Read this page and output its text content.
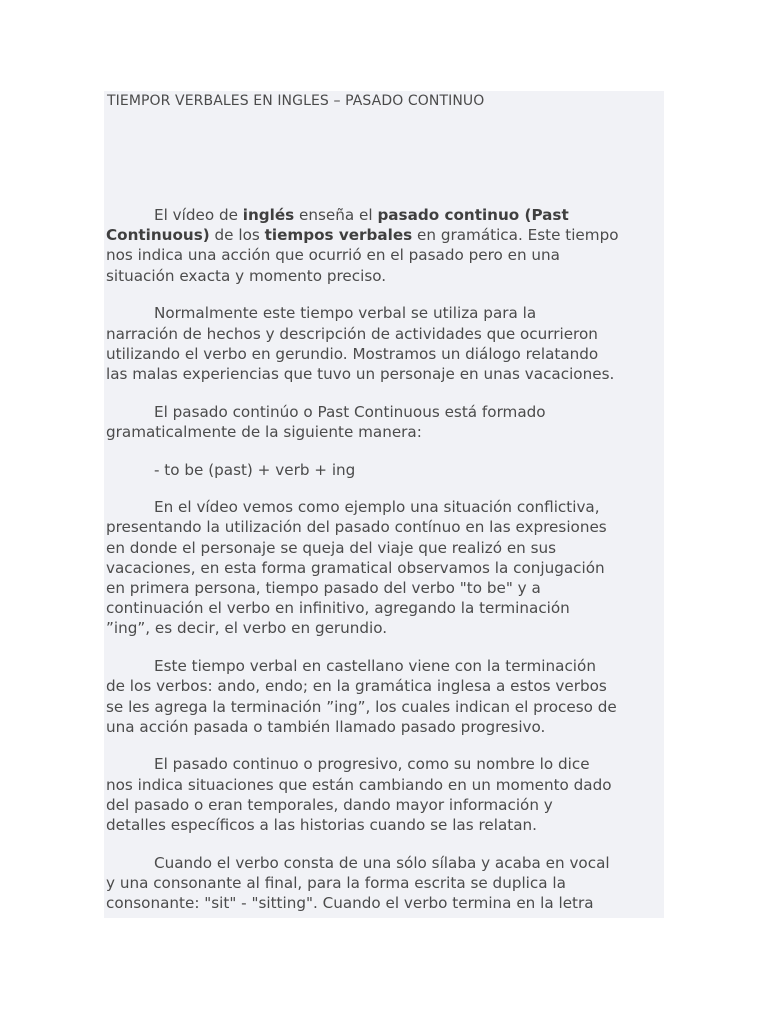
TIEMPOR VERBALES EN INGLES – PASADO CONTINUO

El vídeo de inglés enseña el pasado continuo (Past
Continuous) de los tiempos verbales en gramática. Este tiempo
nos indica una acción que ocurrió en el pasado pero en una
situación exacta y momento preciso.

Normalmente este tiempo verbal se utiliza para la
narración de hechos y descripción de actividades que ocurrieron
utilizando el verbo en gerundio. Mostramos un diálogo relatando
las malas experiencias que tuvo un personaje en unas vacaciones.

El pasado continúo o Past Continuous está formado
gramaticalmente de la siguiente manera:

- to be (past) + verb + ing

En el vídeo vemos como ejemplo una situación conflictiva,
presentando la utilización del pasado contínuo en las expresiones
en donde el personaje se queja del viaje que realizó en sus
vacaciones, en esta forma gramatical observamos la conjugación
en primera persona, tiempo pasado del verbo "to be" y a
continuación el verbo en infinitivo, agregando la terminación
”ing”, es decir, el verbo en gerundio.

Este tiempo verbal en castellano viene con la terminación
de los verbos: ando, endo; en la gramática inglesa a estos verbos
se les agrega la terminación ”ing”, los cuales indican el proceso de
una acción pasada o también llamado pasado progresivo.

El pasado continuo o progresivo, como su nombre lo dice
nos indica situaciones que están cambiando en un momento dado
del pasado o eran temporales, dando mayor información y
detalles específicos a las historias cuando se las relatan.

Cuando el verbo consta de una sólo sílaba y acaba en vocal
y una consonante al final, para la forma escrita se duplica la
consonante: "sit" - "sitting". Cuando el verbo termina en la letra
